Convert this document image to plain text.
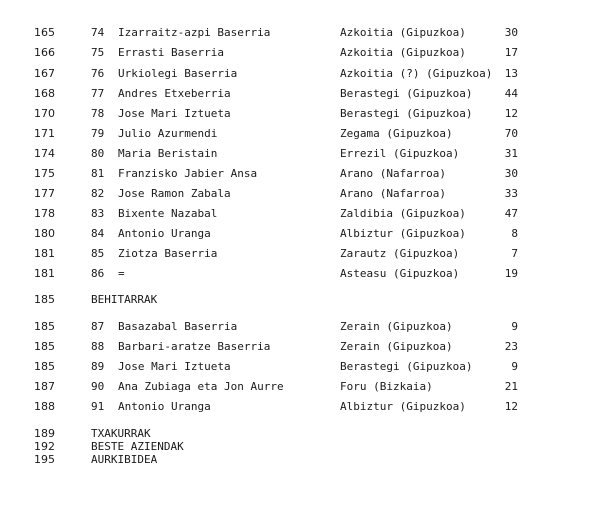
165	74 Izarraitz-azpi Baserria	Azkoitia (Gipuzkoa)	30
166	75 Errasti Baserria	Azkoitia (Gipuzkoa)	17
167	76 Urkiolegi Baserria	Azkoitia (?) (Gipuzkoa) 13
168	77 Andres Etxeberria	Berastegi (Gipuzkoa)	44
170	78 Jose Mari Iztueta	Berastegi (Gipuzkoa)	12
171	79 Julio Azurmendi	Zegama (Gipuzkoa)	70
174	80 Maria Beristain	Errezil (Gipuzkoa)	31
175	81 Franzisko Jabier Ansa	Arano (Nafarroa)	30
177	82 Jose Ramon Zabala	Arano (Nafarroa)	33
178	83 Bixente Nazabal	Zaldibia (Gipuzkoa)	47
180	84 Antonio Uranga	Albiztur (Gipuzkoa)	8
181	85 Ziotza Baserria	Zarautz (Gipuzkoa)	7
181	86 =	Asteasu (Gipuzkoa)	19
185	BEHITARRAK
185	87 Basazabal Baserria	Zerain (Gipuzkoa)	9
185	88 Barbari-aratze Baserria	Zerain (Gipuzkoa)	23
185	89 Jose Mari Iztueta	Berastegi (Gipuzkoa)	9
187	90 Ana Zubiaga eta Jon Aurre	Foru (Bizkaia)	21
188	91 Antonio Uranga	Albiztur (Gipuzkoa)	12
189	TXAKURRAK
192	BESTE AZIENDAK
195	AURKIBIDEA
